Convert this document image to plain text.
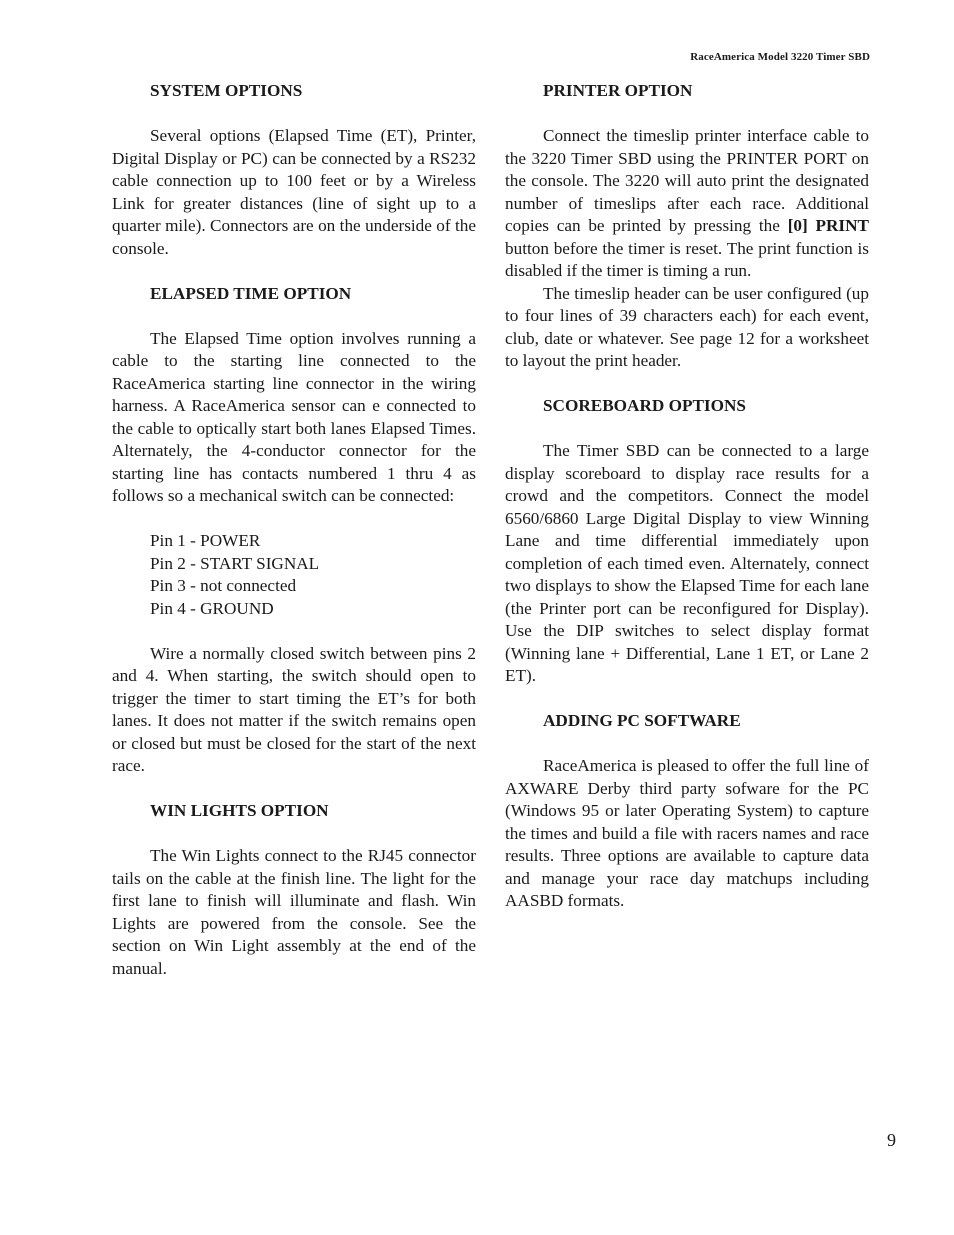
RaceAmerica Model 3220 Timer SBD
SYSTEM OPTIONS

Several options (Elapsed Time (ET), Printer, Digital Display or PC) can be connected by a RS232 cable connection up to 100 feet or by a Wireless Link for greater distances (line of sight up to a quarter mile). Connectors are on the underside of the console.

ELAPSED TIME OPTION

The Elapsed Time option involves running a cable to the starting line connected to the RaceAmerica starting line connector in the wiring harness. A RaceAmerica sensor can e connected to the cable to optically start both lanes Elapsed Times. Alternately, the 4-conductor connector for the starting line has contacts numbered 1 thru 4 as follows so a mechanical switch can be connected:

Pin 1 - POWER
Pin 2 - START SIGNAL
Pin 3 - not connected
Pin 4 - GROUND

Wire a normally closed switch between pins 2 and 4. When starting, the switch should open to trigger the timer to start timing the ET’s for both lanes. It does not matter if the switch remains open or closed but must be closed for the start of the next race.

WIN LIGHTS OPTION

The Win Lights connect to the RJ45 connector tails on the cable at the finish line. The light for the first lane to finish will illuminate and flash. Win Lights are powered from the console. See the section on Win Light assembly at the end of the manual.

PRINTER OPTION

Connect the timeslip printer interface cable to the 3220 Timer SBD using the PRINTER PORT on the console. The 3220 will auto print the designated number of timeslips after each race. Additional copies can be printed by pressing the [0] PRINT button before the timer is reset. The print function is disabled if the timer is timing a run.

The timeslip header can be user configured (up to four lines of 39 characters each) for each event, club, date or whatever. See page 12 for a worksheet to layout the print header.

SCOREBOARD OPTIONS

The Timer SBD can be connected to a large display scoreboard to display race results for a crowd and the competitors. Connect the model 6560/6860 Large Digital Display to view Winning Lane and time differential immediately upon completion of each timed even. Alternately, connect two displays to show the Elapsed Time for each lane (the Printer port can be reconfigured for Display). Use the DIP switches to select display format (Winning lane + Differential, Lane 1 ET, or Lane 2 ET).

ADDING PC SOFTWARE

RaceAmerica is pleased to offer the full line of AXWARE Derby third party sofware for the PC (Windows 95 or later Operating System) to capture the times and build a file with racers names and race results. Three options are available to capture data and manage your race day matchups including AASBD formats.

9
